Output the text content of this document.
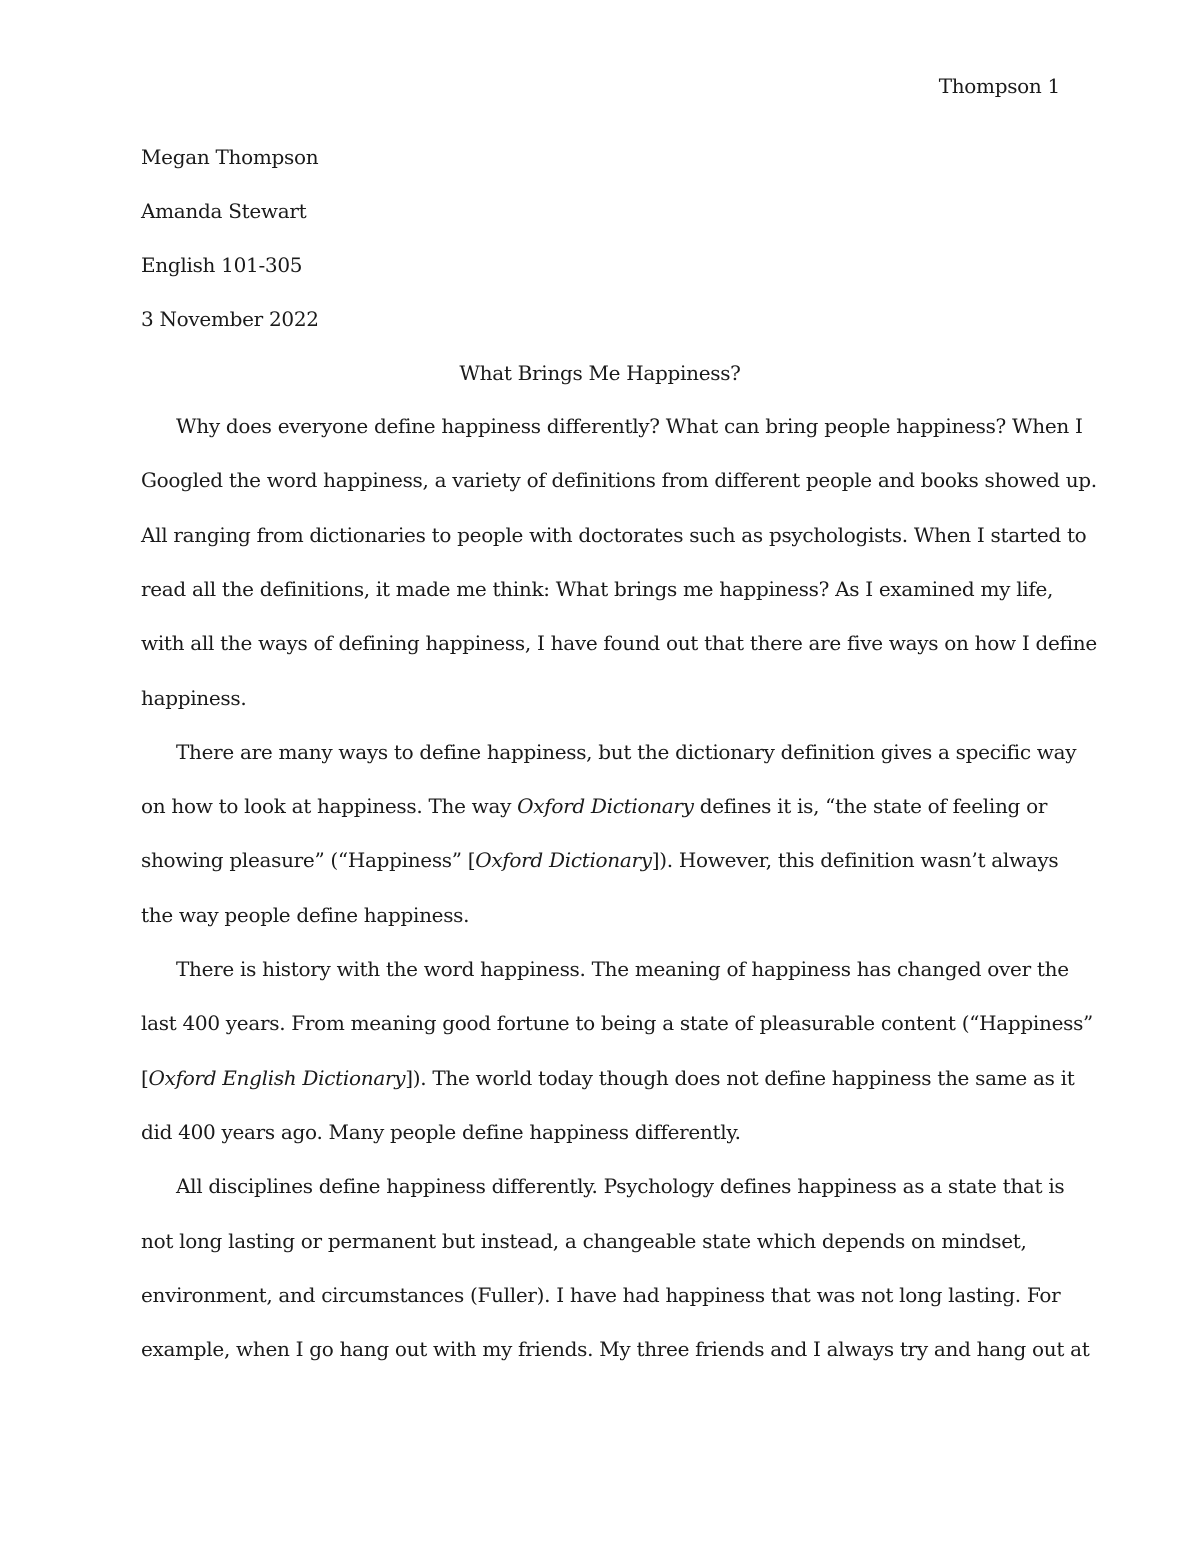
Thompson 1
Megan Thompson
Amanda Stewart
English 101-305
3 November 2022
What Brings Me Happiness?
Why does everyone define happiness differently? What can bring people happiness? When I
Googled the word happiness, a variety of definitions from different people and books showed up.
All ranging from dictionaries to people with doctorates such as psychologists. When I started to
read all the definitions, it made me think: What brings me happiness? As I examined my life,
with all the ways of defining happiness, I have found out that there are five ways on how I define
happiness.
There are many ways to define happiness, but the dictionary definition gives a specific way
on how to look at happiness. The way Oxford Dictionary defines it is, “the state of feeling or
showing pleasure” (“Happiness” [Oxford Dictionary]). However, this definition wasn’t always
the way people define happiness.
There is history with the word happiness. The meaning of happiness has changed over the
last 400 years. From meaning good fortune to being a state of pleasurable content (“Happiness”
[Oxford English Dictionary]). The world today though does not define happiness the same as it
did 400 years ago. Many people define happiness differently.
All disciplines define happiness differently. Psychology defines happiness as a state that is
not long lasting or permanent but instead, a changeable state which depends on mindset,
environment, and circumstances (Fuller). I have had happiness that was not long lasting. For
example, when I go hang out with my friends. My three friends and I always try and hang out at
